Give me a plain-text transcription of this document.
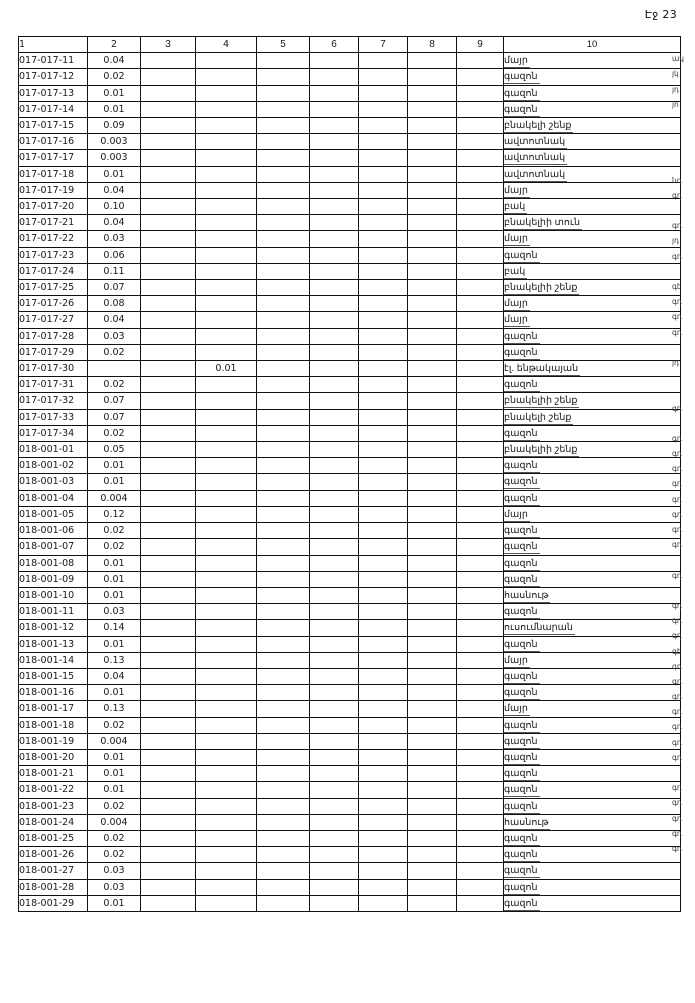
Էջ 23
1	2	3	4	5	6	7	8	9	10
017-017-11	0.04								մայր
017-017-12	0.02								գազոն
017-017-13	0.01								գազոն
017-017-14	0.01								գազոն
017-017-15	0.09								բնակելի շենք
017-017-16	0.003								ավտոտնակ
017-017-17	0.003								ավտոտնակ
017-017-18	0.01								ավտոտնակ
017-017-19	0.04								մայր
017-017-20	0.10								բակ
017-017-21	0.04								բնակելիի տուն
017-017-22	0.03								մայր
017-017-23	0.06								գազոն
017-017-24	0.11								բակ
017-017-25	0.07								բնակելիի շենք
017-017-26	0.08								մայր
017-017-27	0.04								մայր
017-017-28	0.03								գազոն
017-017-29	0.02								գազոն
017-017-30			0.01						էլ. ենթակայան
017-017-31	0.02								գազոն
017-017-32	0.07								բնակելիի շենք
017-017-33	0.07								բնակելի շենք
017-017-34	0.02								գազոն
018-001-01	0.05								բնակելիի շենք
018-001-02	0.01								գազոն
018-001-03	0.01								գազոն
018-001-04	0.004								գազոն
018-001-05	0.12								մայր
018-001-06	0.02								գազոն
018-001-07	0.02								գազոն
018-001-08	0.01								գազոն
018-001-09	0.01								գազոն
018-001-10	0.01								հասնութ
018-001-11	0.03								գազոն
018-001-12	0.14								ուսումնարան
018-001-13	0.01								գազոն
018-001-14	0.13								մայր
018-001-15	0.04								գազոն
018-001-16	0.01								գազոն
018-001-17	0.13								մայր
018-001-18	0.02								գազոն
018-001-19	0.004								գազոն
018-001-20	0.01								գազոն
018-001-21	0.01								գազոն
018-001-22	0.01								գազոն
018-001-23	0.02								գազոն
018-001-24	0.004								հասնութ
018-001-25	0.02								գազոն
018-001-26	0.02								գազոն
018-001-27	0.03								գազոն
018-001-28	0.03								գազոն
018-001-29	0.01								գազոն
ակ
յկ
յդ
յո
նգ
գդ
գդ
յդ
գդ
գէ
գդ
գդ
գդ
յդ
գդ
գդ
գդ
գդ
գդ
գդ
գդ
գդ
գդ
գդ
գդ
գդ
գդ
գէ
գդ
գդ
գդ
գդ
գդ
գդ
գդ
գդ
գդ
գդ
գդ
գդ
